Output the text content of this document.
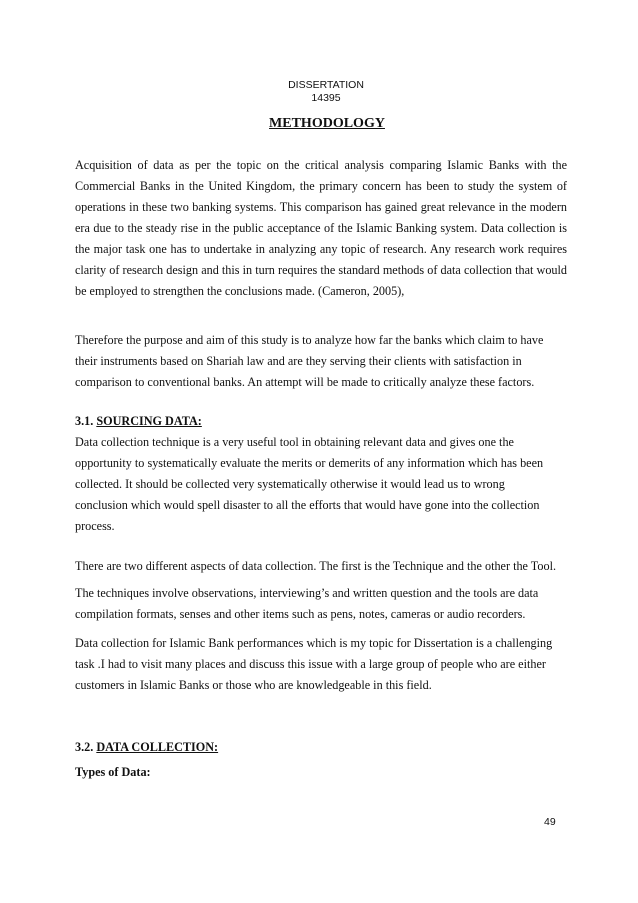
DISSERTATION
14395
METHODOLOGY

Acquisition of data as per the topic on the critical analysis comparing Islamic Banks with the Commercial Banks in the United Kingdom, the primary concern has been to study the system of operations in these two banking systems. This comparison has gained great relevance in the modern era due to the steady rise in the public acceptance of the Islamic Banking system. Data collection is the major task one has to undertake in analyzing any topic of research. Any research work requires clarity of research design and this in turn requires the standard methods of data collection that would be employed to strengthen the conclusions made. (Cameron, 2005),

Therefore the purpose and aim of this study is to analyze how far the banks which claim to have their instruments based on Shariah law and are they serving their clients with satisfaction in comparison to conventional banks. An attempt will be made to critically analyze these factors.

3.1. SOURCING DATA:

Data collection technique is a very useful tool in obtaining relevant data and gives one the opportunity to systematically evaluate the merits or demerits of any information which has been collected. It should be collected very systematically otherwise it would lead us to wrong conclusion which would spell disaster to all the efforts that would have gone into the collection process.

There are two different aspects of data collection. The first is the Technique and the other the Tool.

The techniques involve observations, interviewing’s and written question and the tools are data compilation formats, senses and other items such as pens, notes, cameras or audio recorders.

Data collection for Islamic Bank performances which is my topic for Dissertation is a challenging task .I had to visit many places and discuss this issue with a large group of people who are either customers in Islamic Banks or those who are knowledgeable in this field.

3.2. DATA COLLECTION:
Types of Data:
49
